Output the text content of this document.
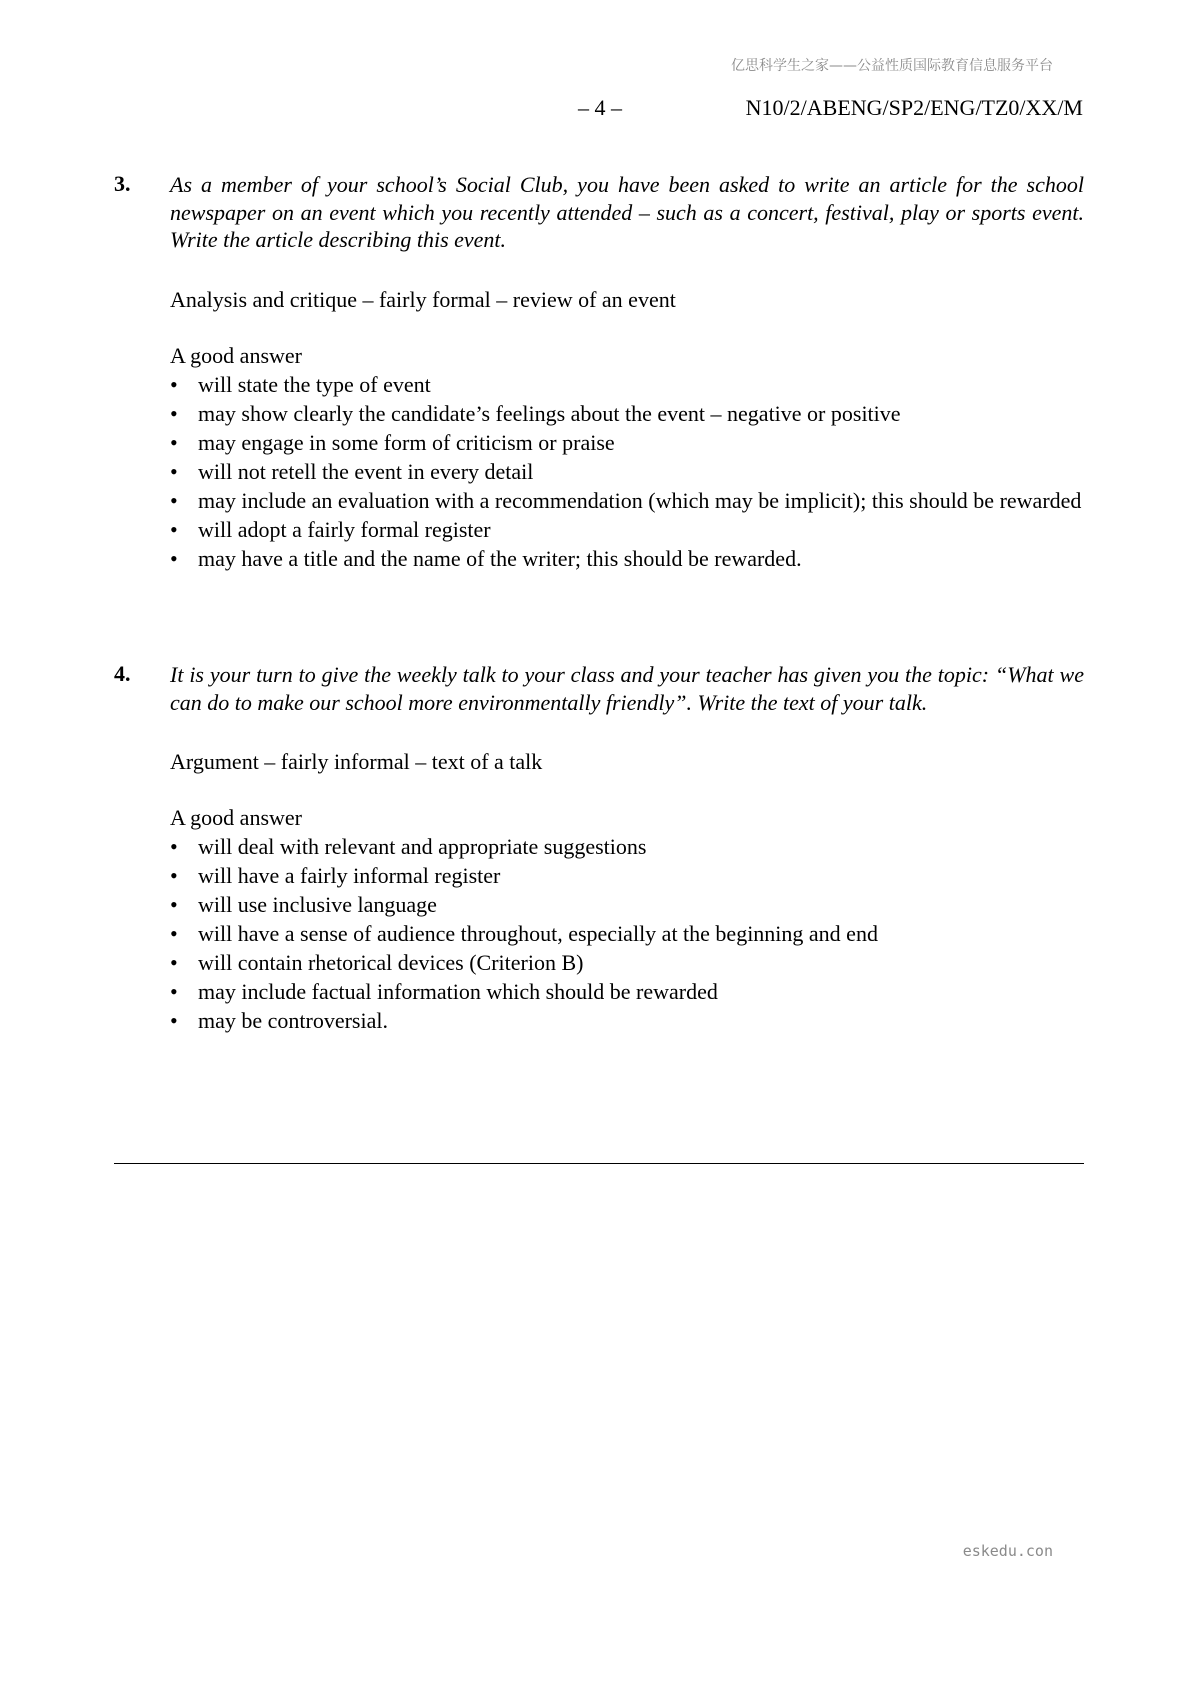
亿思科学生之家——公益性质国际教育信息服务平台
– 4 –	N10/2/ABENG/SP2/ENG/TZ0/XX/M
3. As a member of your school’s Social Club, you have been asked to write an article for the school newspaper on an event which you recently attended – such as a concert, festival, play or sports event. Write the article describing this event.

Analysis and critique – fairly formal – review of an event

A good answer

• will state the type of event
• may show clearly the candidate’s feelings about the event – negative or positive
• may engage in some form of criticism or praise
• will not retell the event in every detail
• may include an evaluation with a recommendation (which may be implicit); this should be rewarded
• will adopt a fairly formal register
• may have a title and the name of the writer; this should be rewarded.
4. It is your turn to give the weekly talk to your class and your teacher has given you the topic: “What we can do to make our school more environmentally friendly”. Write the text of your talk.

Argument – fairly informal – text of a talk

A good answer

• will deal with relevant and appropriate suggestions
• will have a fairly informal register
• will use inclusive language
• will have a sense of audience throughout, especially at the beginning and end
• will contain rhetorical devices (Criterion B)
• may include factual information which should be rewarded
• may be controversial.
eskedu.con
